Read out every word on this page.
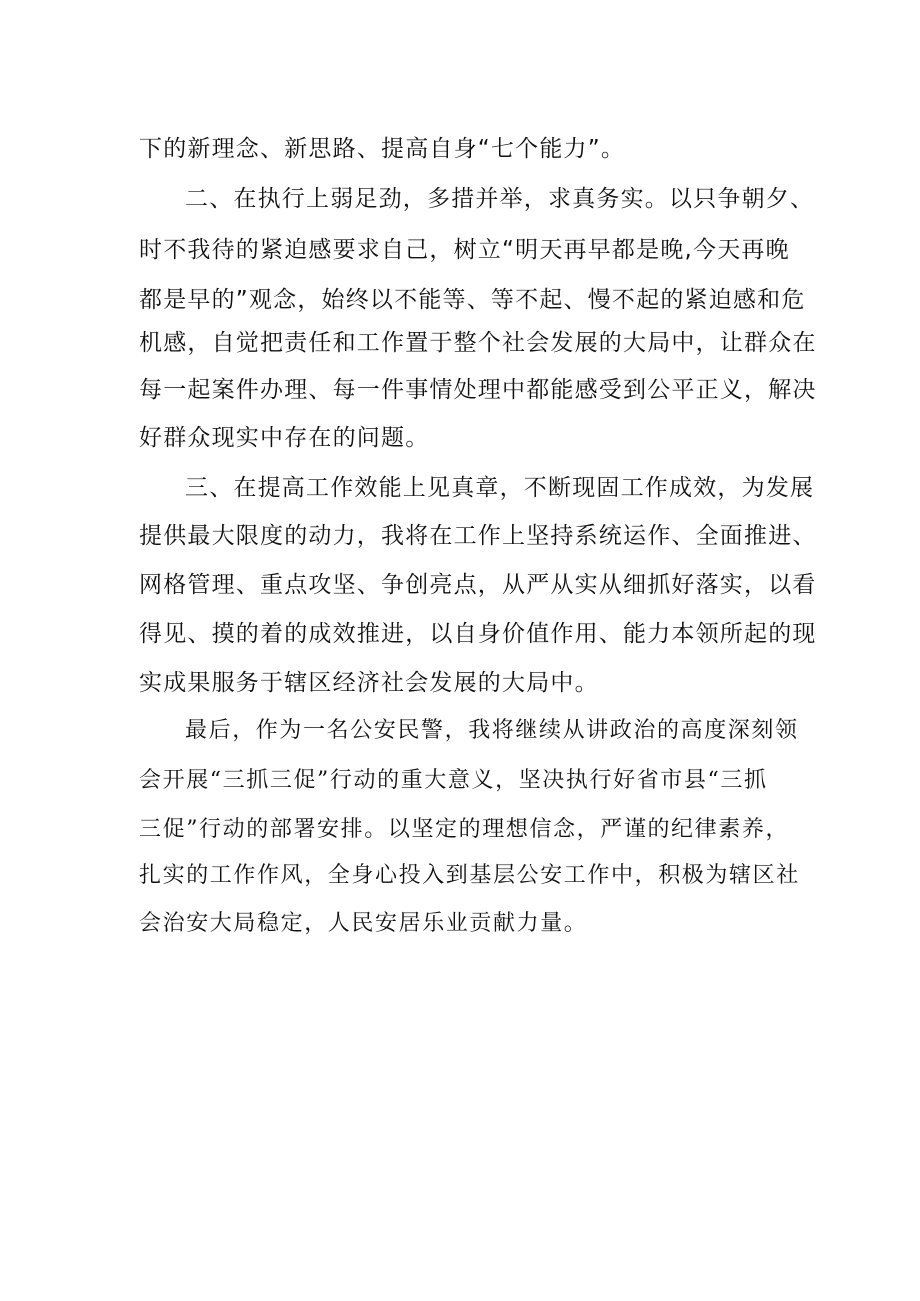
下的新理念、新思路、提高自身“七个能力”。
二、在执行上弱足劲，多措并举，求真务实。以只争朝夕、
时不我待的紧迫感要求自己，树立“明天再早都是晚,今天再晚
都是早的”观念，始终以不能等、等不起、慢不起的紧迫感和危
机感，自觉把责任和工作置于整个社会发展的大局中，让群众在
每一起案件办理、每一件事情处理中都能感受到公平正义，解决
好群众现实中存在的问题。
三、在提高工作效能上见真章，不断现固工作成效，为发展
提供最大限度的动力，我将在工作上坚持系统运作、全面推进、
网格管理、重点攻坚、争创亮点，从严从实从细抓好落实，以看
得见、摸的着的成效推进，以自身价值作用、能力本领所起的现
实成果服务于辖区经济社会发展的大局中。
最后，作为一名公安民警，我将继续从讲政治的高度深刻领
会开展“三抓三促”行动的重大意义，坚决执行好省市县“三抓
三促”行动的部署安排。以坚定的理想信念，严谨的纪律素养，
扎实的工作作风，全身心投入到基层公安工作中，积极为辖区社
会治安大局稳定，人民安居乐业贡献力量。
